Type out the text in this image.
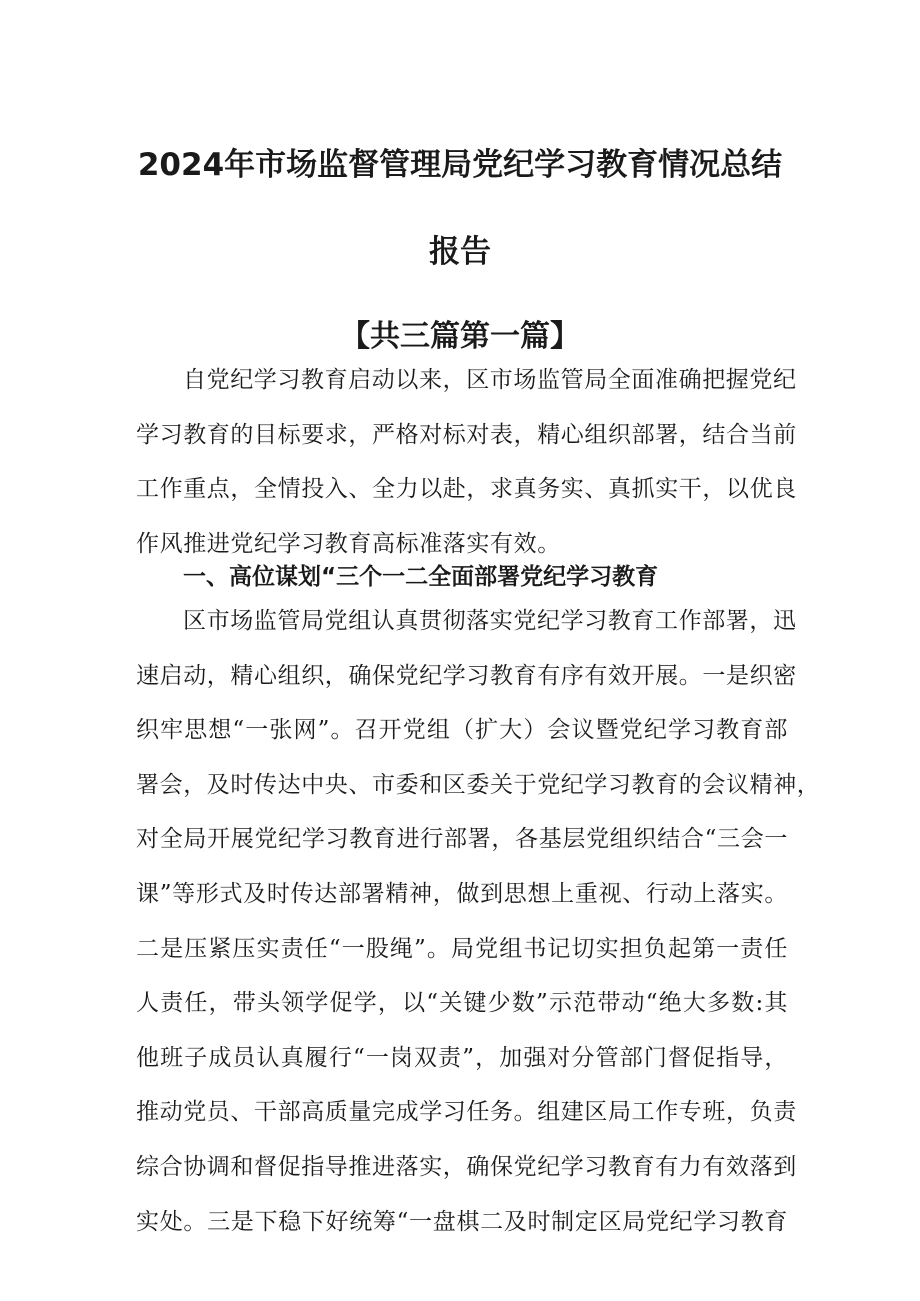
2024年市场监督管理局党纪学习教育情况总结
报告
【共三篇第一篇】
自党纪学习教育启动以来，区市场监管局全面准确把握党纪
学习教育的目标要求，严格对标对表，精心组织部署，结合当前
工作重点，全情投入、全力以赴，求真务实、真抓实干，以优良
作风推进党纪学习教育高标准落实有效。
一、高位谋划“三个一二全面部署党纪学习教育
区市场监管局党组认真贯彻落实党纪学习教育工作部署，迅
速启动，精心组织，确保党纪学习教育有序有效开展。一是织密
织牢思想“一张网”。召开党组（扩大）会议暨党纪学习教育部
署会，及时传达中央、市委和区委关于党纪学习教育的会议精神，
对全局开展党纪学习教育进行部署，各基层党组织结合“三会一
课”等形式及时传达部署精神，做到思想上重视、行动上落实。
二是压紧压实责任“一股绳”。局党组书记切实担负起第一责任
人责任，带头领学促学，以“关键少数”示范带动“绝大多数:其
他班子成员认真履行“一岗双责”，加强对分管部门督促指导，
推动党员、干部高质量完成学习任务。组建区局工作专班，负责
综合协调和督促指导推进落实，确保党纪学习教育有力有效落到
实处。三是下稳下好统筹“一盘棋二及时制定区局党纪学习教育
